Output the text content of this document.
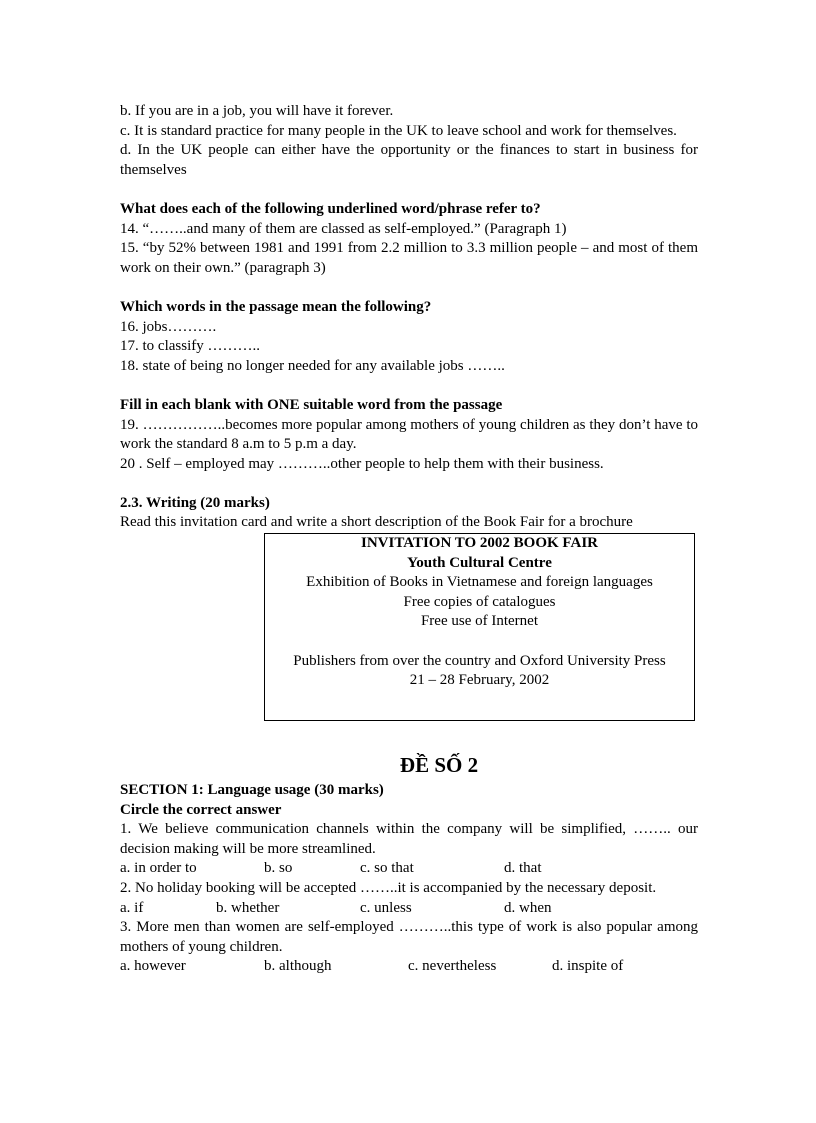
b. If you are in a job, you will have it forever.

c. It is standard practice for many people in the UK to leave school and work for themselves.

d. In the UK people can either have the opportunity or the finances to start in business for themselves

What does each of the following underlined word/phrase refer to?

14. “……..and many of them are classed as self-employed.” (Paragraph 1)

15. “by 52% between 1981 and 1991 from 2.2 million to 3.3 million people – and most of them work on their own.” (paragraph 3)

Which words in the passage mean the following?

16. jobs……….

17. to classify ………..

18. state of being no longer needed for any available jobs ……..

Fill in each blank with ONE suitable word from the passage

19. ……………..becomes more popular among mothers of young children as they don’t have to work the standard 8 a.m to 5 p.m a day.

20 . Self – employed may ………..other people to help them with their business.

2.3. Writing (20 marks)

Read this invitation card and write a short description of the Book Fair for a brochure

INVITATION TO 2002 BOOK FAIR

Youth Cultural Centre

Exhibition of Books in Vietnamese and foreign languages

Free copies of catalogues

Free use of Internet

Publishers from over the country and Oxford University Press

21 – 28 February, 2002

ĐỀ SỐ 2

SECTION 1: Language usage (30 marks)

Circle the correct answer

1. We believe communication channels within the company will be simplified, …….. our decision making will be more streamlined.

a. in order to	b. so	c. so that	d. that

2. No holiday booking will be accepted ……..it is accompanied by the necessary deposit.

a. if	b. whether	c. unless	d. when

3. More men than women are self-employed ………..this type of work is also popular among mothers of young children.

a. however	b. although	c. nevertheless	d. inspite of
